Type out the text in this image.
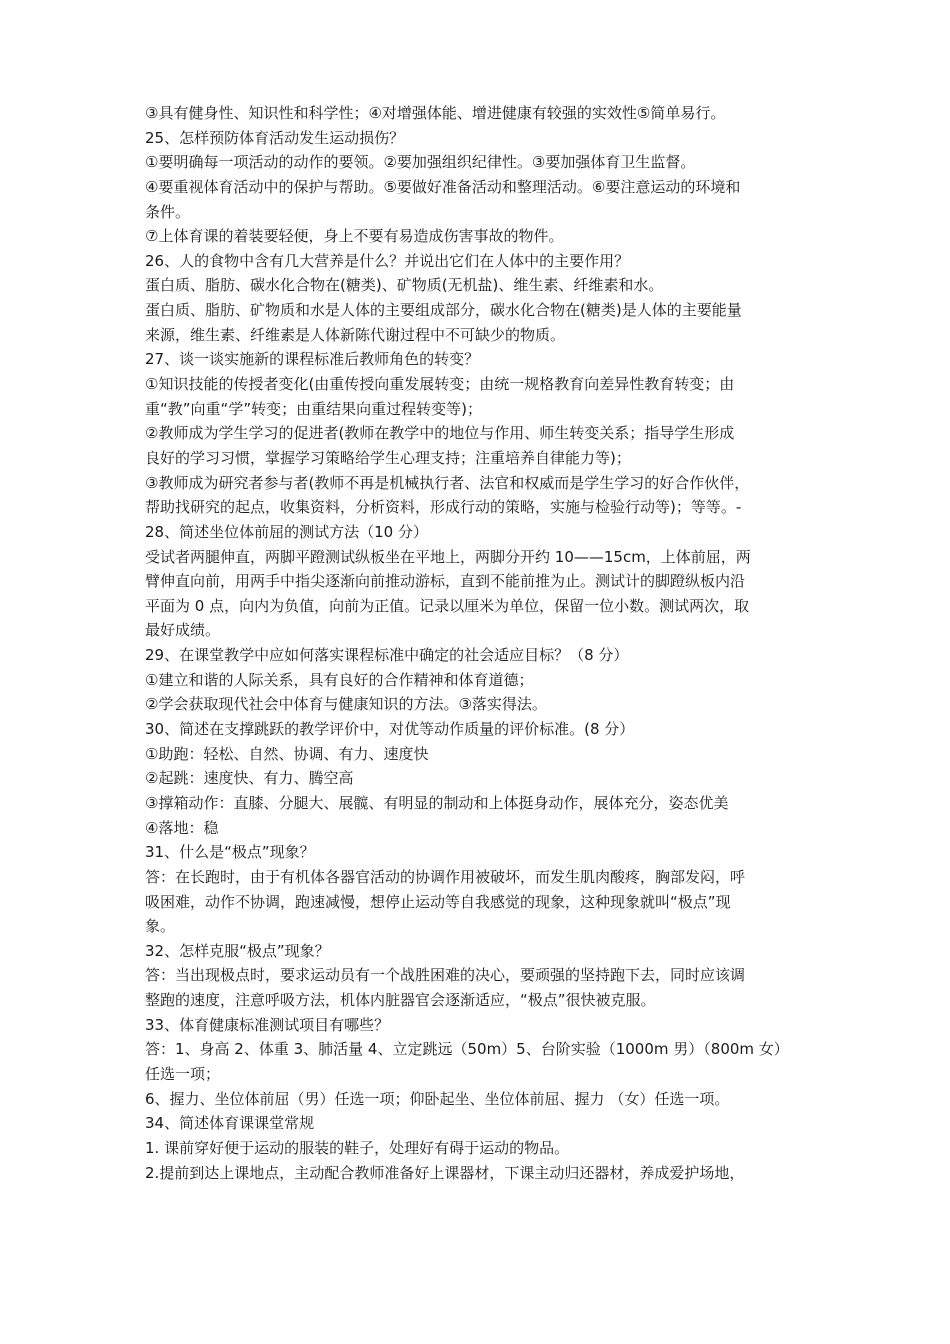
③具有健身性、知识性和科学性；④对增强体能、增进健康有较强的实效性⑤简单易行。
25、怎样预防体育活动发生运动损伤？
①要明确每一项活动的动作的要领。②要加强组织纪律性。③要加强体育卫生监督。
④要重视体育活动中的保护与帮助。⑤要做好准备活动和整理活动。⑥要注意运动的环境和
条件。
⑦上体育课的着装要轻便，身上不要有易造成伤害事故的物件。
26、人的食物中含有几大营养是什么？并说出它们在人体中的主要作用？
蛋白质、脂肪、碳水化合物在(糖类)、矿物质(无机盐)、维生素、纤维素和水。
蛋白质、脂肪、矿物质和水是人体的主要组成部分，碳水化合物在(糖类)是人体的主要能量
来源，维生素、纤维素是人体新陈代谢过程中不可缺少的物质。
27、谈一谈实施新的课程标准后教师角色的转变？
①知识技能的传授者变化(由重传授向重发展转变；由统一规格教育向差异性教育转变；由
重“教”向重“学”转变；由重结果向重过程转变等)；
②教师成为学生学习的促进者(教师在教学中的地位与作用、师生转变关系；指导学生形成
良好的学习习惯，掌握学习策略给学生心理支持；注重培养自律能力等)；
③教师成为研究者参与者(教师不再是机械执行者、法官和权威而是学生学习的好合作伙伴，
帮助找研究的起点，收集资料，分析资料，形成行动的策略，实施与检验行动等)；等等。-
28、简述坐位体前屈的测试方法（10 分）
受试者两腿伸直，两脚平蹬测试纵板坐在平地上，两脚分开约 10——15cm，上体前屈，两
臂伸直向前，用两手中指尖逐渐向前推动游标，直到不能前推为止。测试计的脚蹬纵板内沿
平面为 0 点，向内为负值，向前为正值。记录以厘米为单位，保留一位小数。测试两次，取
最好成绩。
29、在课堂教学中应如何落实课程标准中确定的社会适应目标？（8 分）
①建立和谐的人际关系，具有良好的合作精神和体育道德；
②学会获取现代社会中体育与健康知识的方法。③落实得法。
30、简述在支撑跳跃的教学评价中，对优等动作质量的评价标准。(8 分）
①助跑：轻松、自然、协调、有力、速度快
②起跳：速度快、有力、腾空高
③撑箱动作：直膝、分腿大、展髋、有明显的制动和上体挺身动作，展体充分，姿态优美
④落地：稳
31、什么是“极点”现象？
答：在长跑时，由于有机体各器官活动的协调作用被破坏，而发生肌肉酸疼，胸部发闷，呼
吸困难，动作不协调，跑速减慢，想停止运动等自我感觉的现象，这种现象就叫“极点”现
象。
32、怎样克服“极点”现象？
答：当出现极点时，要求运动员有一个战胜困难的决心，要顽强的坚持跑下去，同时应该调
整跑的速度，注意呼吸方法，机体内脏器官会逐渐适应，“极点”很快被克服。
33、体育健康标准测试项目有哪些？
答：1、身高 2、体重 3、肺活量 4、立定跳远（50m）5、台阶实验（1000m 男）（800m 女）
任选一项；
6、握力、坐位体前屈（男）任选一项；仰卧起坐、坐位体前屈、握力 （女）任选一项。
34、简述体育课课堂常规
1. 课前穿好便于运动的服装的鞋子，处理好有碍于运动的物品。
2.提前到达上课地点，主动配合教师准备好上课器材，下课主动归还器材，养成爱护场地，
